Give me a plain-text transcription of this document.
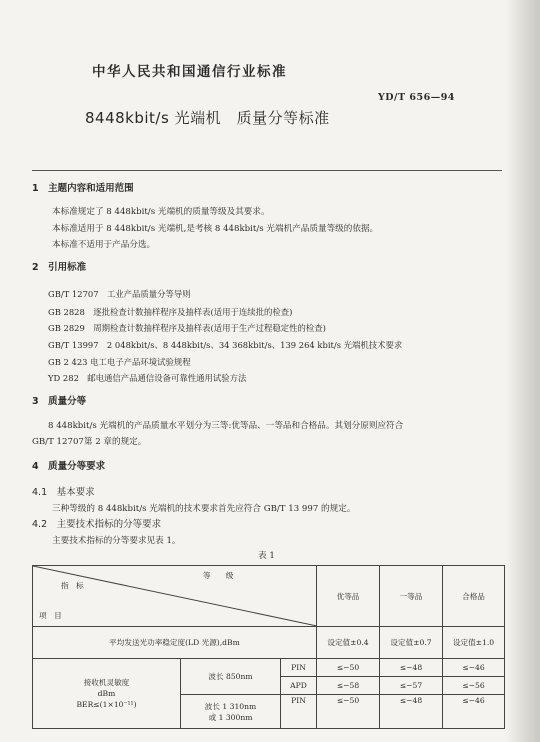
中华人民共和国通信行业标准
YD/T 656—94
8448kbit/s 光端机　质量分等标准
1　主题内容和适用范围
本标准规定了 8 448kbit/s 光端机的质量等级及其要求。
本标准适用于 8 448kbit/s 光端机,是考核 8 448kbit/s 光端机产品质量等级的依据。
本标准不适用于产品分选。
2　引用标准
GB/T 12707　工业产品质量分等导则
GB 2828　逐批检查计数抽样程序及抽样表(适用于连续批的检查)
GB 2829　周期检查计数抽样程序及抽样表(适用于生产过程稳定性的检查)
GB/T 13997　2 048kbit/s、8 448kbit/s、34 368kbit/s、139 264 kbit/s 光端机技术要求
GB 2 423 电工电子产品环境试验规程
YD 282　邮电通信产品通信设备可靠性通用试验方法
3　质量分等
8 448kbit/s 光端机的产品质量水平划分为三等:优等品、一等品和合格品。其划分原则应符合
GB/T 12707第 2 章的规定。
4　质量分等要求
4.1　基本要求
三种等级的 8 448kbit/s 光端机的技术要求首先应符合 GB/T 13 997 的规定。
4.2　主要技术指标的分等要求
主要技术指标的分等要求见表 1。
表 1
等　　级
指　标
项　目			优等品	一等品	合格品
平均发送光功率稳定度(LD 光源),dBm			设定值±0.4	设定值±0.7	设定值±1.0

接收机灵敏度
dBm
BER≤(1×10⁻¹¹)	波长 850nm	PIN	≤−50	≤−48	≤−46
		APD	≤−58	≤−57	≤−56

	波长 1 310nm
或 1 300nm	PIN	≤−50	≤−48	≤−46
